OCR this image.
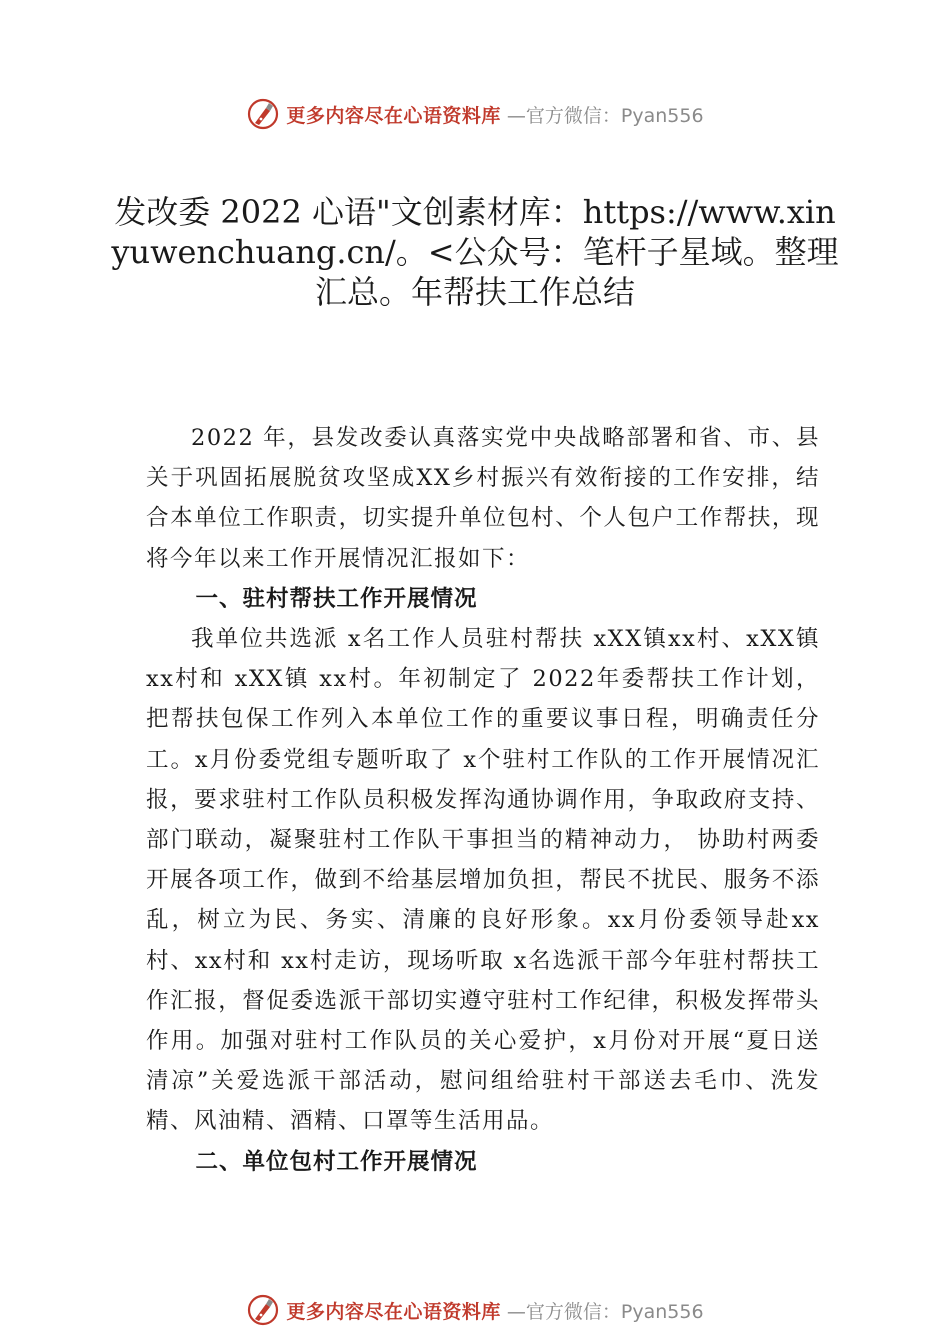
更多内容尽在心语资料库 —官方微信：Pyan556
发改委 2022 心语"文创素材库：https://www.xinyuwenchuang.cn/。<公众号：笔杆子星域。整理汇总。年帮扶工作总结

2022 年，县发改委认真落实党中央战略部署和省、市、县关于巩固拓展脱贫攻坚成XX乡村振兴有效衔接的工作安排，结合本单位工作职责，切实提升单位包村、个人包户工作帮扶，现将今年以来工作开展情况汇报如下：

一、驻村帮扶工作开展情况

我单位共选派 x名工作人员驻村帮扶 xXX镇xx村、xXX镇xx村和 xXX镇 xx村。年初制定了 2022年委帮扶工作计划， 把帮扶包保工作列入本单位工作的重要议事日程，明确责任分工。x月份委党组专题听取了 x个驻村工作队的工作开展情况汇报，要求驻村工作队员积极发挥沟通协调作用，争取政府支持、部门联动，凝聚驻村工作队干事担当的精神动力， 协助村两委开展各项工作，做到不给基层增加负担，帮民不扰民、服务不添乱，树立为民、务实、清廉的良好形象。xx月份委领导赴xx村、xx村和 xx村走访，现场听取 x名选派干部今年驻村帮扶工作汇报，督促委选派干部切实遵守驻村工作纪律，积极发挥带头作用。加强对驻村工作队员的关心爱护，x月份对开展“夏日送清凉”关爱选派干部活动，慰问组给驻村干部送去毛巾、洗发精、风油精、酒精、口罩等生活用品。

二、单位包村工作开展情况
更多内容尽在心语资料库 —官方微信：Pyan556
